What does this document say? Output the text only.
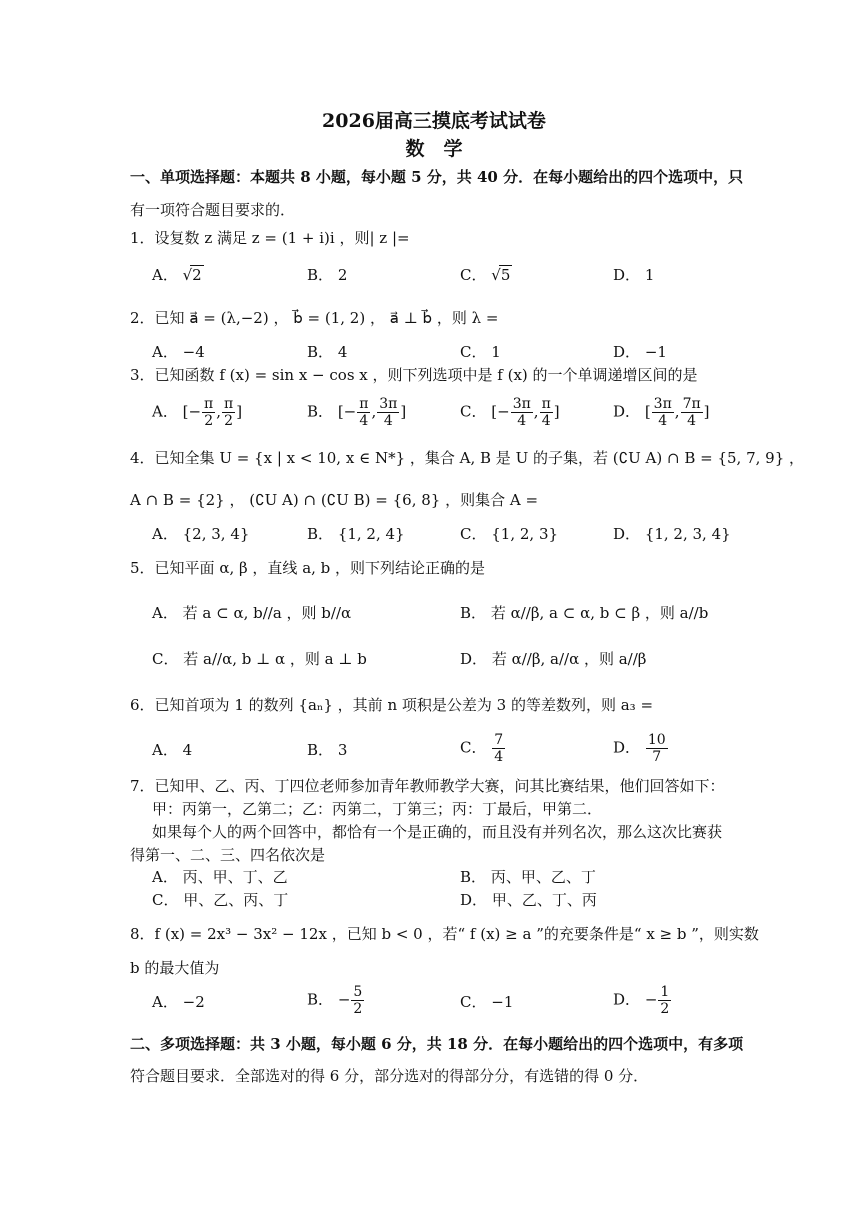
2026届高三摸底考试试卷
数　学
一、单项选择题：本题共 8 小题，每小题 5 分，共 40 分．在每小题给出的四个选项中，只
有一项符合题目要求的．
1．设复数 z 满足 z = (1 + i)i ，则| z |=
A． √2	B． 2	C． √5	D． 1
2．已知 a⃗ = (λ,−2) ， b⃗ = (1, 2) ， a⃗ ⊥ b⃗ ，则 λ =
A． −4	B． 4	C． 1	D． −1
3．已知函数 f (x) = sin x − cos x ，则下列选项中是 f (x) 的一个单调递增区间的是
A． [− $\frac{\pi}{2}$ , $\frac{\pi}{2}$ ]	B． [− $\frac{\pi}{4}$ , $\frac{3\pi}{4}$ ]	C． [− $\frac{3\pi}{4}$ , $\frac{\pi}{4}$ ]	D． [ $\frac{3\pi}{4}$ , $\frac{7\pi}{4}$ ]
4．已知全集 U = {x | x < 10, x ∈ N*} ，集合 A, B 是 U 的子集，若 (∁U A) ∩ B = {5, 7, 9} ，
A ∩ B = {2} ， (∁U A) ∩ (∁U B) = {6, 8} ，则集合 A =
A． {2, 3, 4}	B． {1, 2, 4}	C． {1, 2, 3}	D． {1, 2, 3, 4}
5．已知平面 α, β ，直线 a, b ，则下列结论正确的是
A． 若 a ⊂ α, b//a ，则 b//α	B． 若 α//β, a ⊂ α, b ⊂ β ，则 a//b
C． 若 a//α, b ⊥ α ，则 a ⊥ b	D． 若 α//β, a//α ，则 a//β
6．已知首项为 1 的数列 {aₙ} ，其前 n 项积是公差为 3 的等差数列，则 a₃ =
A． 4	B． 3	C． $\frac{7}{4}$	D． $\frac{10}{7}$
7．已知甲、乙、丙、丁四位老师参加青年教师教学大赛，问其比赛结果，他们回答如下：
甲：丙第一，乙第二；乙：丙第二，丁第三；丙：丁最后，甲第二．
如果每个人的两个回答中，都恰有一个是正确的，而且没有并列名次，那么这次比赛获
得第一、二、三、四名依次是
A． 丙、甲、丁、乙	B． 丙、甲、乙、丁
C． 甲、乙、丙、丁	D． 甲、乙、丁、丙
8．f (x) = 2x³ − 3x² − 12x ，已知 b < 0 ，若“ f (x) ≥ a ”的充要条件是“ x ≥ b ”，则实数
b 的最大值为
A． −2	B． − $\frac{5}{2}$	C． −1	D． − $\frac{1}{2}$
二、多项选择题：共 3 小题，每小题 6 分，共 18 分．在每小题给出的四个选项中，有多项
符合题目要求．全部选对的得 6 分，部分选对的得部分分，有选错的得 0 分．
